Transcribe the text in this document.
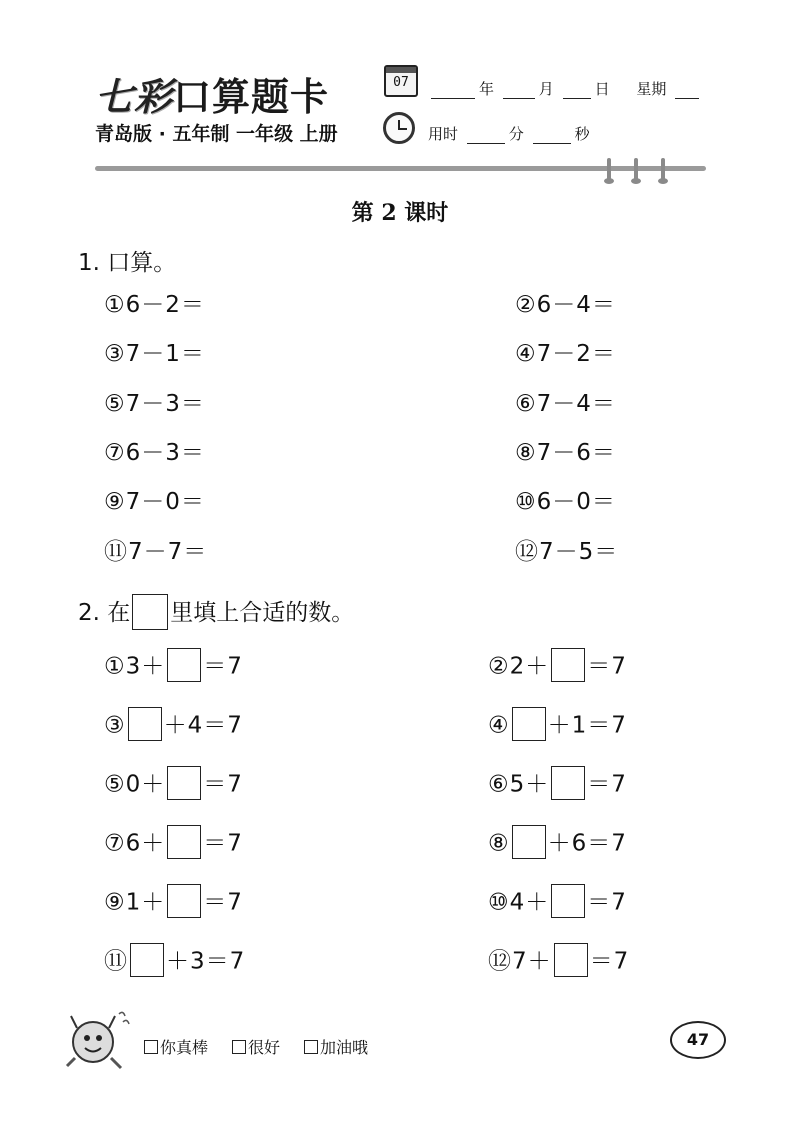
七彩口算题卡	07	年	月	日 星期
青岛版 · 五年制 一年级 上册	用时	分	秒
第 2 课时
1. 口算。
①6－2＝	②6－4＝
③7－1＝	④7－2＝
⑤7－3＝	⑥7－4＝
⑦6－3＝	⑧7－6＝
⑨7－0＝	⑩6－0＝
⑪7－7＝	⑫7－5＝
2. 在 里填上合适的数。
①3＋ ＝7	②2＋ ＝7
③ ＋4＝7	④ ＋1＝7
⑤0＋ ＝7	⑥5＋ ＝7
⑦6＋ ＝7	⑧ ＋6＝7
⑨1＋ ＝7	⑩4＋ ＝7
⑪ ＋3＝7	⑫7＋ ＝7
你真棒	很好	加油哦	47
